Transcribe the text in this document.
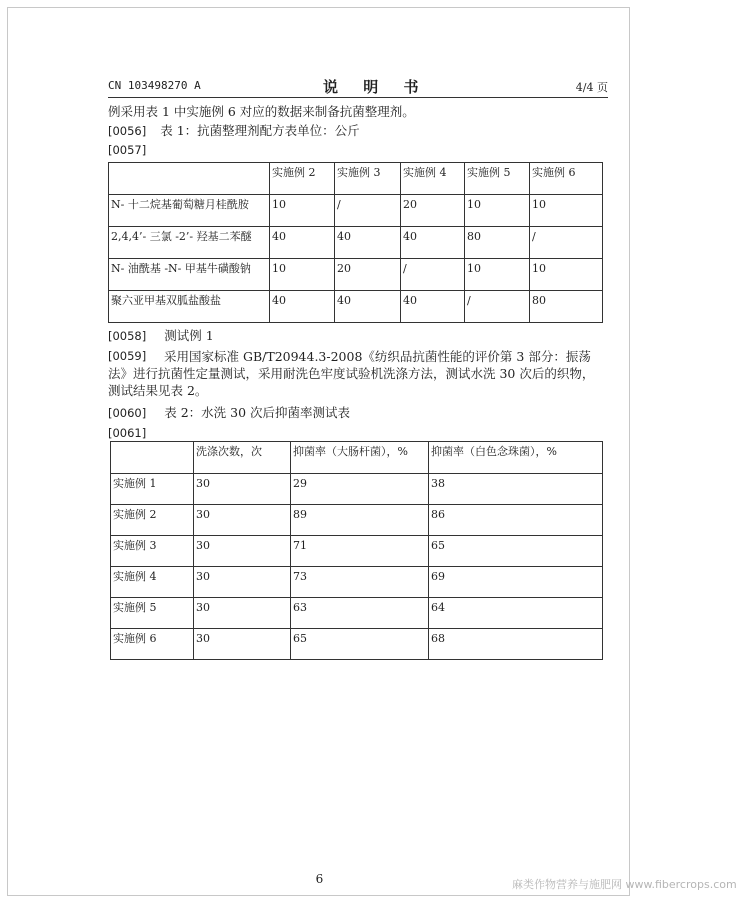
CN 103498270 A	说 明 书	4/4 页
例采用表 1 中实施例 6 对应的数据来制备抗菌整理剂。
[0056] 表 1：抗菌整理剂配方表单位：公斤
[0057]
	实施例 2	实施例 3	实施例 4	实施例 5	实施例 6
N- 十二烷基葡萄糖月桂酰胺	10	/	20	10	10
2,4,4’- 三氯 -2’- 羟基二苯醚	40	40	40	80	/
N- 油酰基 -N- 甲基牛磺酸钠	10	20	/	10	10
聚六亚甲基双胍盐酸盐	40	40	40	/	80
[0058] 测试例 1
[0059]	采用国家标准 GB/T20944.3-2008《纺织品抗菌性能的评价第 3 部分：振荡法》进行抗菌性定量测试，采用耐洗色牢度试验机洗涤方法，测试水洗 30 次后的织物，测试结果见表 2。
[0060] 表 2：水洗 30 次后抑菌率测试表
[0061]
	洗涤次数，次	抑菌率（大肠杆菌），%	抑菌率（白色念珠菌），%
实施例 1	30	29	38
实施例 2	30	89	86
实施例 3	30	71	65
实施例 4	30	73	69
实施例 5	30	63	64
实施例 6	30	65	68
6	麻类作物营养与施肥网 www.fibercrops.com
